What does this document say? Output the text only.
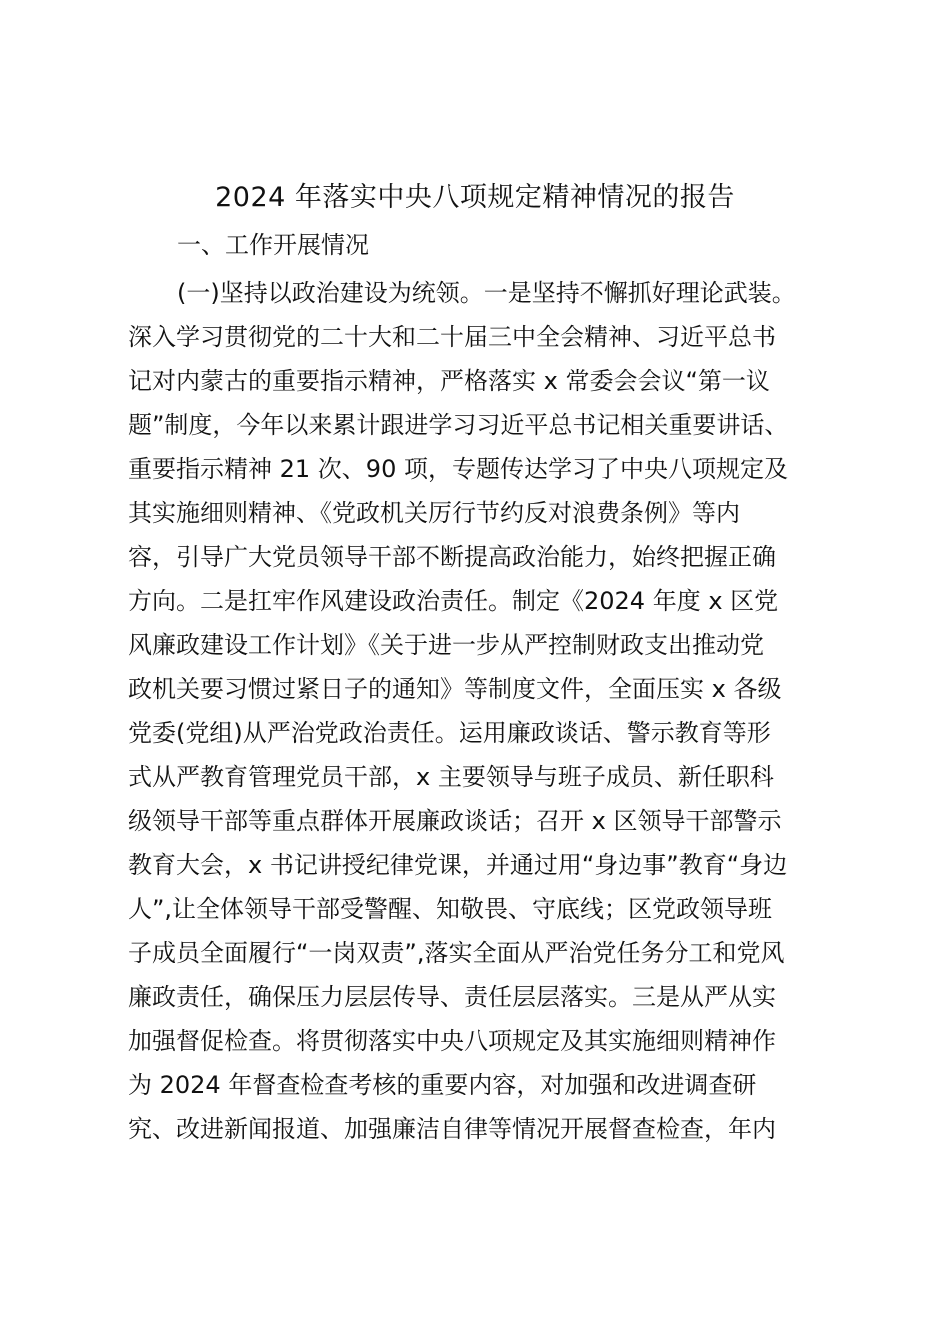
2024 年落实中央八项规定精神情况的报告
一、工作开展情况

(一)坚持以政治建设为统领。一是坚持不懈抓好理论武装。

深入学习贯彻党的二十大和二十届三中全会精神、习近平总书

记对内蒙古的重要指示精神，严格落实 x 常委会会议“第一议

题”制度，今年以来累计跟进学习习近平总书记相关重要讲话、

重要指示精神 21 次、90 项，专题传达学习了中央八项规定及

其实施细则精神、《党政机关厉行节约反对浪费条例》等内

容，引导广大党员领导干部不断提高政治能力，始终把握正确

方向。二是扛牢作风建设政治责任。制定《2024 年度 x 区党

风廉政建设工作计划》《关于进一步从严控制财政支出推动党

政机关要习惯过紧日子的通知》等制度文件，全面压实 x 各级

党委(党组)从严治党政治责任。运用廉政谈话、警示教育等形

式从严教育管理党员干部，x 主要领导与班子成员、新任职科

级领导干部等重点群体开展廉政谈话；召开 x 区领导干部警示

教育大会，x 书记讲授纪律党课，并通过用“身边事”教育“身边

人”,让全体领导干部受警醒、知敬畏、守底线；区党政领导班

子成员全面履行“一岗双责”,落实全面从严治党任务分工和党风

廉政责任，确保压力层层传导、责任层层落实。三是从严从实

加强督促检查。将贯彻落实中央八项规定及其实施细则精神作

为 2024 年督查检查考核的重要内容，对加强和改进调查研

究、改进新闻报道、加强廉洁自律等情况开展督查检查，年内
